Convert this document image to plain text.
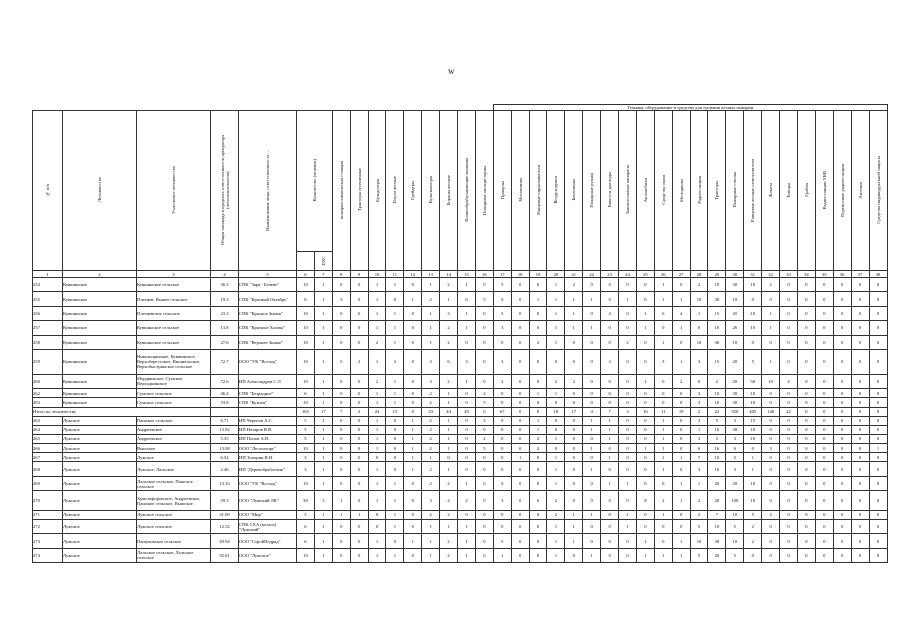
w
																Техника, оборудование и средства для тушения лесных пожаров																					
№ п/п	Лесничество	Участковое лесничество	Общая площадь в пределах ответственности арендатора (лесопользователя)	Наименование лица, ответственного за ...	Количество (человек)		пожарно-химическая станция	Тракторы гусеничные	Бульдозеры	Плуги лесные	Грейдеры	Культиваторы	Бороны лесные	Почвообрабатывающие машины	Пожарные автоцистерны	Прицепы	Мотопомпы	Ранцевые опрыскиватели	Воздуходувки	Бензопилы	Пожарные рукава	Емкости для воды	Зажигательные аппараты	Автомобили	Средства связи	Мотоциклы	Радиостанции	Тракторы	Пожарные стволы	Ранцевые лесные огнетушители	Лопаты	Топоры	Грабли	Радиостанции УКВ	Переносные радиостанции	Аптечки	Средства индивидуальной защиты
						ПХС																															
1	2	3	4	5	6	7	8	9	10	11	12	13	14	15	16	17	18	19	20	21	22	23	24	25	26	27	28	29	30	31	32	33	34	35	36	37	38
254	Кувшинское	Кувшинское сельское	36.3	СПК "Заря - Бечево"	10	1	0	0	1	1	0	1	2	1	0	5	0	0	1	2	0	0	0	0	1	0	2	10	30	10	2	0	0	0	0	0	0
255	Кувшинское	Плетнев, Вышее сельское	19.3	СПК "Красный Октябрь"	6	1	3	0	1	0	1	2	1	0	5	0	0	1	1	1	1	0	1	0	1	1	10	30	10	0	0	0	0	0	0	0	0
256	Кувшинское	Плетневское сельское	23.3	СПК "Красное Знамя"	10	1	0	0	1	1	0	1	3	1	0	5	0	0	1	1	0	4	0	1	6	4	1	15	45	10	1	0	0	0	0	0	0
257	Кувшинское	Кувшинское сельское	13.8	СПК "Красные Холмы"	10	1	0	0	1	1	0	1	2	1	0	3	0	0	1	1	1	0	0	1	0	1	0	10	26	10	1	0	0	0	0	0	0
258	Кувшинское	Кувшинское сельское	27.6	СПК "Верхнее Знамя"	10	1	0	0	2	1	0	1	2	0	0	0	0	2	1	0	0	0	2	0	1	0	10	36	10	0	0	0	0	0	0	0	0
259	Кувшинское	Никольщинское, Кувшинское, Верхоберестовое, Вишнельское, Верхобыстринское сельское	72.7	ООО "УК "Восход"	10	1	5	2	1	2	0	3	6	3	0	3	0	0	0	0	0	3	0	0	3	1	3	15	20	5	1	0	0	0	0	0	0
260	Кувшинское	Мордвинское, Сумское, Верходнинское	72.6	ИП Александров С.Л.	10	1	0	0	2	1	0	3	2	1	0	2	0	0	2	2	0	0	0	1	0	2	0	2	20	30	10	4	0	0	0	0	0
262	Кувшинское	Сумское сельское	46.2	СПК "Безрадное"	6	1	0	0	1	1	0	2	1	0	2	0	0	1	1	0	0	0	0	0	0	0	3	10	30	10	0	0	0	0	0	0	0
263	Кувшинское	Сумское сельское	53.8	СПК "Кузнец"	10	1	0	0	1	1	0	2	1	0	5	0	0	0	0	0	0	0	0	0	0	0	3	10	30	10	0	0	0	0	0	0	0
Итого по лесничеству					165	17	7	2	24	15	0	23	44	20	0	67	0	0	18	17	4	7	3	16	11	19	2	22	350	405	146	22	0	0	0	0	0
263	Лужское	Пашское сельское	6.71	ИП Черепов А.С.	5	1	0	0	1	0	1	2	1	0	3	0	0	1	0	0	1	1	0	0	1	0	3	5	3	15	0	0	0	0	0	0	0
264	Лужское	Андреевское	13.92	ИП Назаров В.В.	5	1	0	0	1	0	1	2	1	0	0	0	0	1	0	0	1	1	0	0	1	0	1	10	30	10	0	0	0	0	0	0	0
265	Лужское	Андреевское	5.35	ИП Попов А.Н.	5	1	0	0	1	0	1	2	1	0	2	0	0	2	1	0	0	1	0	0	1	0	3	5	3	10	0	0	0	0	0	0	0
266	Лужское	Вышское	13.08	ООО "Лесхозторг"	10	1	0	0	1	0	1	2	1	0	5	0	0	2	0	0	1	0	0	1	1	0	6	16	6	0	3	0	0	0	0	0	1
267	Лужское	Лужское	6.54	ИП Топорин В.Н.	3	1	0	0	0	0	1	1	0	0	0	0	1	0	1	0	0	1	0	0	1	1	7	10	5	1	0	0	0	0	0	0	0
268	Лужское	Лужское, Лальское	2.46	ИП "Деревобработчик"	3	1	0	0	1	0	1	2	1	0	0	0	0	0	1	0	1	0	0	0	1	0	3	10	3	1	0	0	0	0	0	0	0
269	Лужское	Лальское сельское, Пашское сельское	13.33	ООО "УК "Восход"	10	1	0	0	1	1	0	2	2	1	0	0	0	0	1	0	0	1	1	0	0	1	1	20	20	10	0	0	0	0	0	0	0
270	Лужское	Христофоровское, Андреевское, Пашское сельское, Вышское	59.3	ООО "Лужский ЛК"	30	3	1	0	1	1	0	3	4	2	0	3	0	6	2	0	0	0	0	8	2	1	2	20	100	10	0	0	0	0	0	0	0
271	Лужское	Лужское сельское	31.08	ООО "Мир"	5	1	1	1	0	1	0	2	2	0	0	0	0	0	2	1	1	0	1	0	1	0	2	7	10	5	2	0	0	0	0	0	0
272	Лужское	Лужское сельское	12.52	СПК СХА (колхоз) "Лужский"	6	1	0	0	0	1	0	1	1	1	0	0	0	0	1	1	0	0	1	0	0	0	5	10	5	2	0	0	0	0	0	0	0
273	Лужское	Пашуковское сельское	29.94	ООО "СтройПодряд"	6	1	0	0	1	0	1	1	2	1	0	5	0	0	1	1	0	0	0	1	0	1	10	30	10	2	0	0	0	0	0	0	0
274	Лужское	Лальское сельское, Лальское сельское	35.61	ООО "Лужское"	10	1	0	0	1	1	0	1	2	1	0	1	0	0	1	0	1	0	0	1	1	1	5	20	5	0	0	0	0	0	0	0	0
